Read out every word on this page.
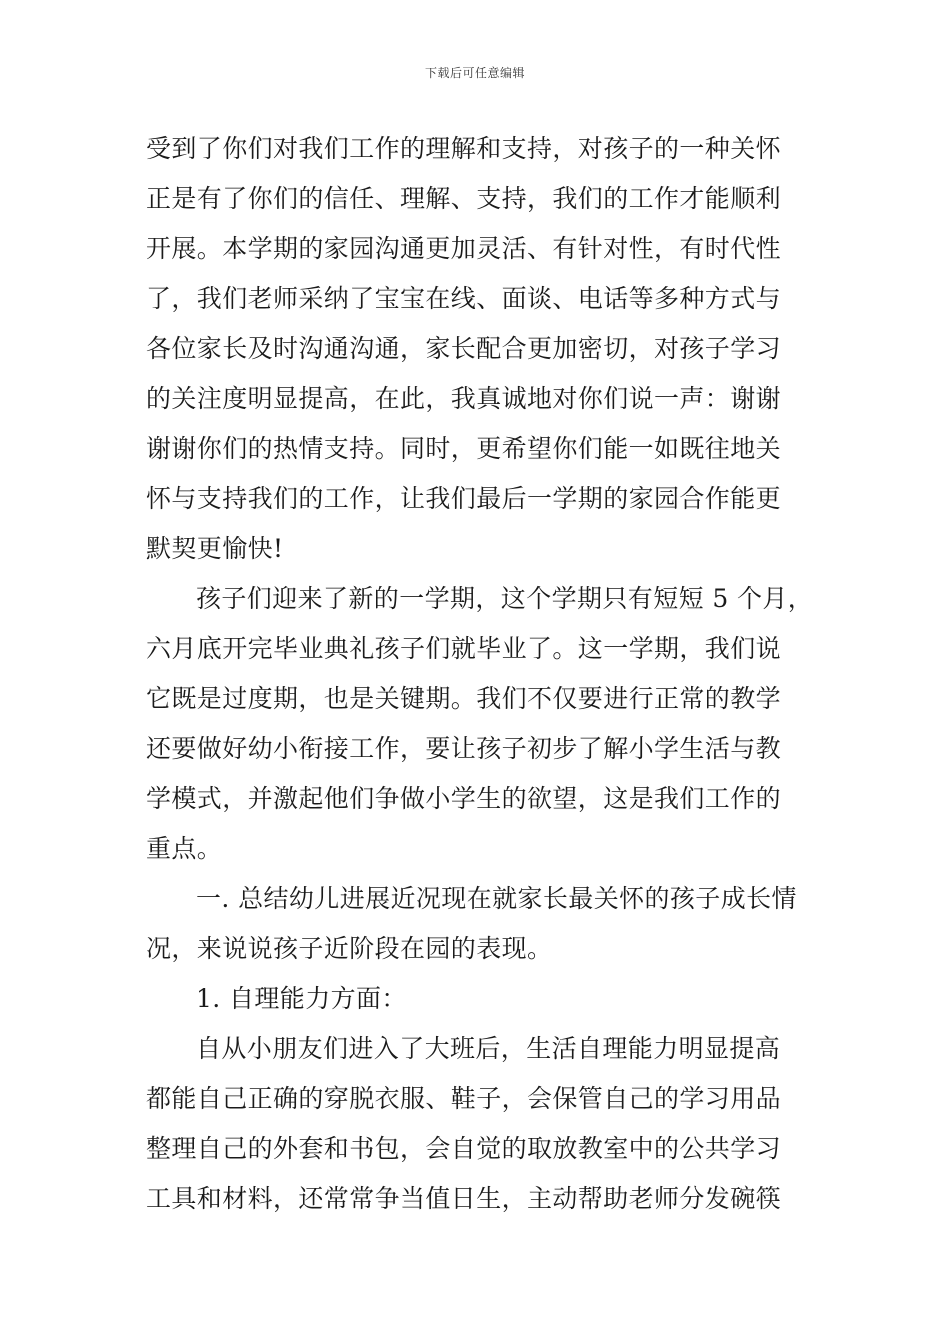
下载后可任意编辑
受到了你们对我们工作的理解和支持，对孩子的一种关怀
正是有了你们的信任、理解、支持，我们的工作才能顺利
开展。本学期的家园沟通更加灵活、有针对性，有时代性
了，我们老师采纳了宝宝在线、面谈、电话等多种方式与
各位家长及时沟通沟通，家长配合更加密切，对孩子学习
的关注度明显提高，在此，我真诚地对你们说一声：谢谢
谢谢你们的热情支持。同时，更希望你们能一如既往地关
怀与支持我们的工作，让我们最后一学期的家园合作能更
默契更愉快!
孩子们迎来了新的一学期，这个学期只有短短 5 个月，
六月底开完毕业典礼孩子们就毕业了。这一学期，我们说
它既是过度期，也是关键期。我们不仅要进行正常的教学
还要做好幼小衔接工作，要让孩子初步了解小学生活与教
学模式，并激起他们争做小学生的欲望，这是我们工作的
重点。
一. 总结幼儿进展近况现在就家长最关怀的孩子成长情
况，来说说孩子近阶段在园的表现。
1. 自理能力方面：
自从小朋友们进入了大班后，生活自理能力明显提高
都能自己正确的穿脱衣服、鞋子，会保管自己的学习用品
整理自己的外套和书包，会自觉的取放教室中的公共学习
工具和材料，还常常争当值日生，主动帮助老师分发碗筷
